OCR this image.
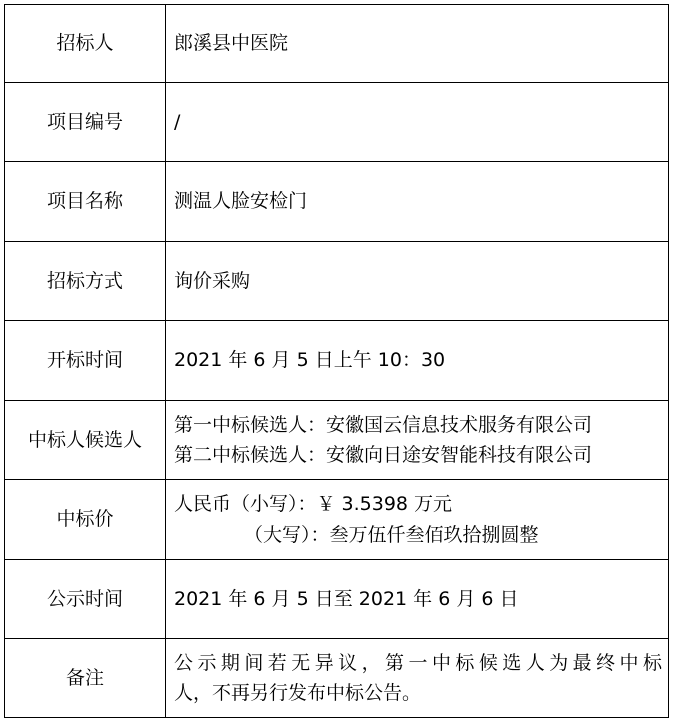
招标人	郎溪县中医院
项目编号	/
项目名称	测温人脸安检门
招标方式	询价采购
开标时间	2021 年 6 月 5 日上午 10：30
中标人候选人	第一中标候选人：安徽国云信息技术服务有限公司
第二中标候选人：安徽向日途安智能科技有限公司

中标价	人民币（小写）：￥ 3.5398 万元
（大写）：叁万伍仟叁佰玖拾捌圆整

公示时间	2021 年 6 月 5 日至 2021 年 6 月 6 日
备注	公示期间若无异议，第一中标候选人为最终中标
人，不再另行发布中标公告。
